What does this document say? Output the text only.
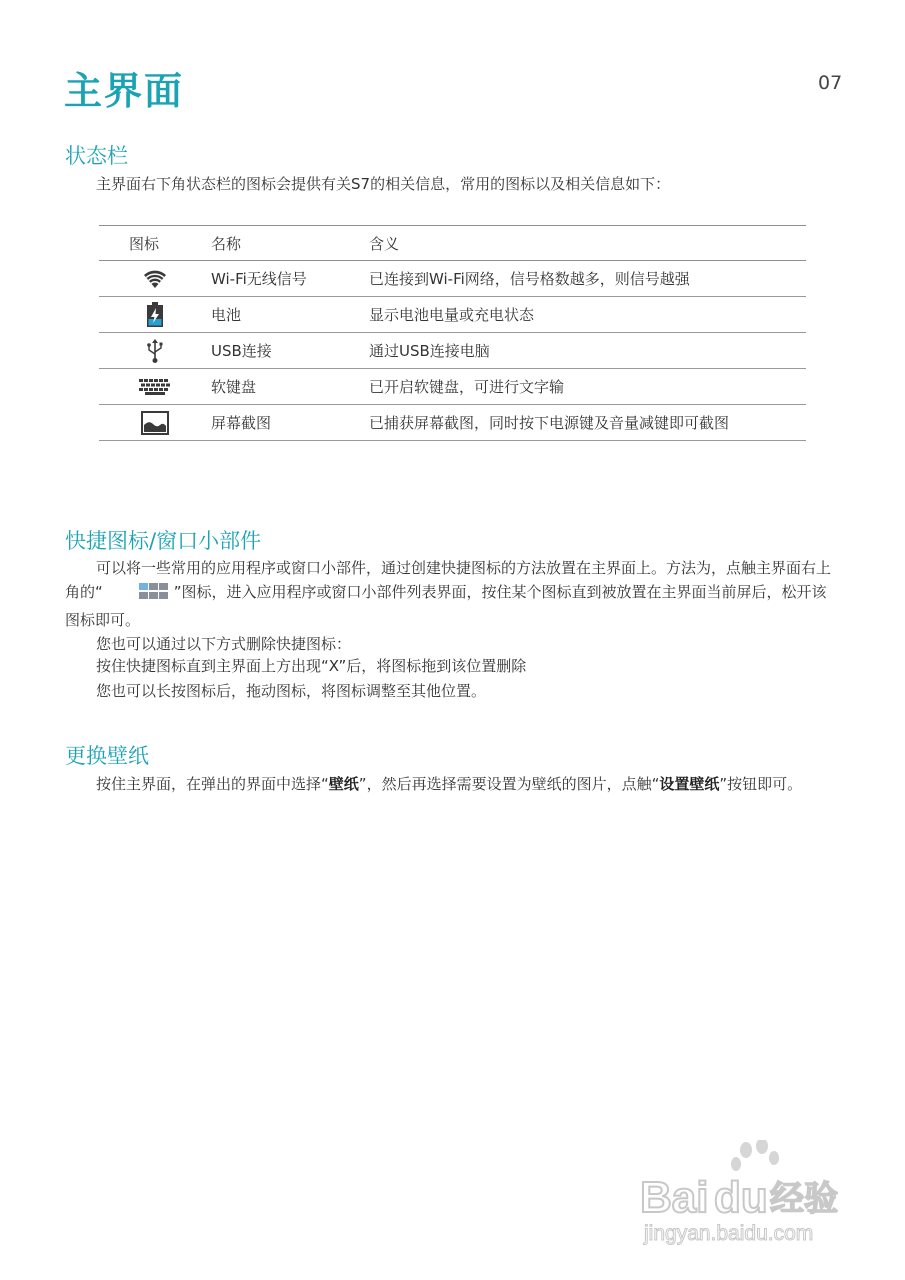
主界面	07
状态栏
主界面右下角状态栏的图标会提供有关S7的相关信息，常用的图标以及相关信息如下：
图标	名称	含义

	Wi-Fi无线信号	已连接到Wi-Fi网络，信号格数越多，则信号越强

	电池	显示电池电量或充电状态

	USB连接	通过USB连接电脑

	软键盘	已开启软键盘，可进行文字输

	屏幕截图	已捕获屏幕截图，同时按下电源键及音量减键即可截图
快捷图标/窗口小部件
可以将一些常用的应用程序或窗口小部件，通过创建快捷图标的方法放置在主界面上。方法为，点触主界面右上角的“	”图标，进入应用程序或窗口小部件列表界面，按住某个图标直到被放置在主界面当前屏后，松开该图标即可。
您也可以通过以下方式删除快捷图标：
按住快捷图标直到主界面上方出现“X”后，将图标拖到该位置删除
您也可以长按图标后，拖动图标，将图标调整至其他位置。
更换壁纸
按住主界面，在弹出的界面中选择“壁纸”，然后再选择需要设置为壁纸的图片，点触“设置壁纸”按钮即可。
Bai du 经验
jingyan.baidu.com
